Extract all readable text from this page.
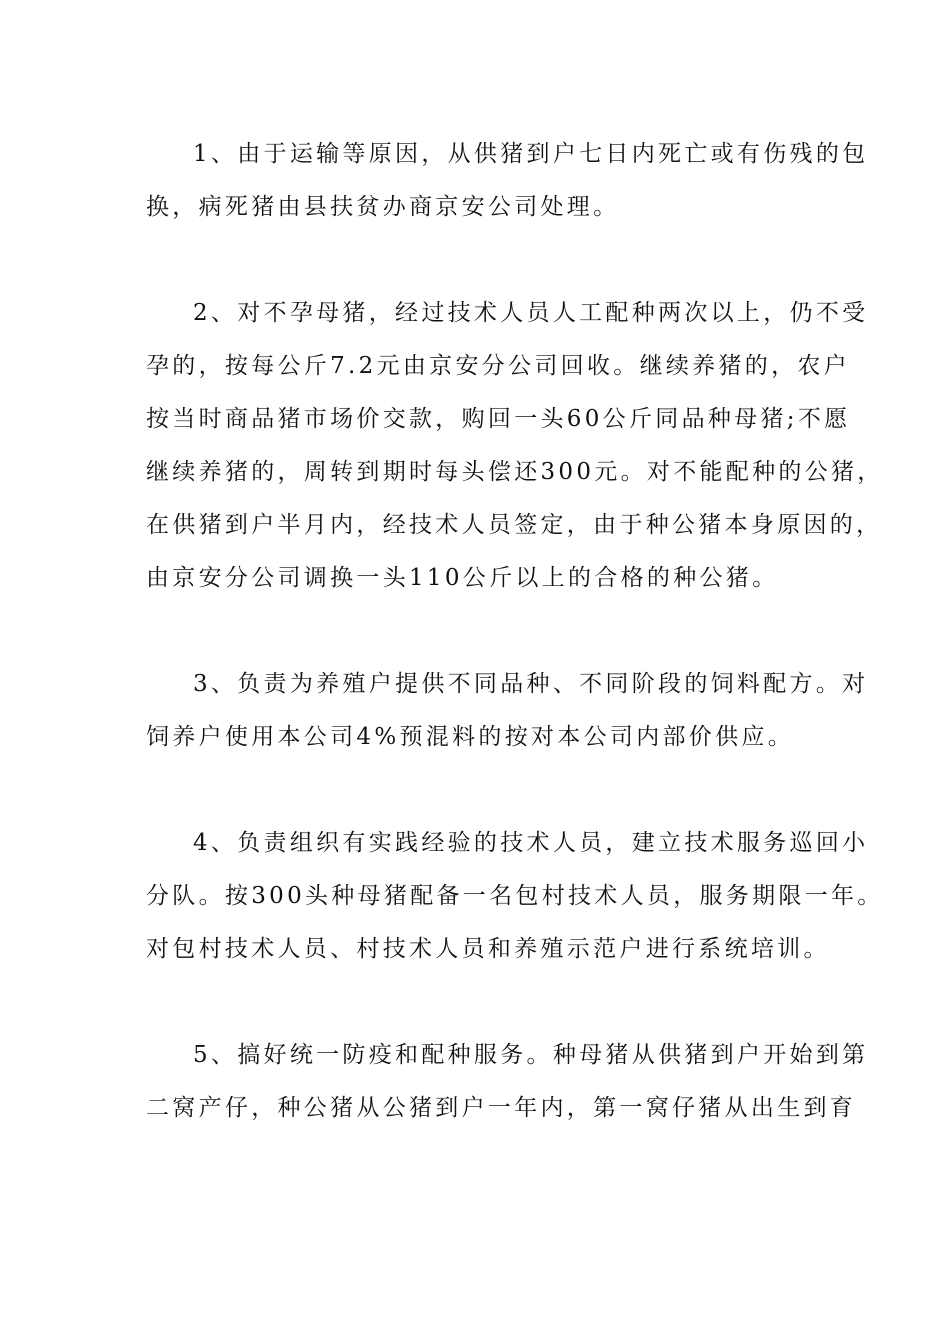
1、由于运输等原因，从供猪到户七日内死亡或有伤残的包
换，病死猪由县扶贫办商京安公司处理。
2、对不孕母猪，经过技术人员人工配种两次以上，仍不受
孕的，按每公斤7.2元由京安分公司回收。继续养猪的，农户
按当时商品猪市场价交款，购回一头60公斤同品种母猪;不愿
继续养猪的，周转到期时每头偿还300元。对不能配种的公猪，
在供猪到户半月内，经技术人员签定，由于种公猪本身原因的，
由京安分公司调换一头110公斤以上的合格的种公猪。
3、负责为养殖户提供不同品种、不同阶段的饲料配方。对
饲养户使用本公司4%预混料的按对本公司内部价供应。
4、负责组织有实践经验的技术人员，建立技术服务巡回小
分队。按300头种母猪配备一名包村技术人员，服务期限一年。
对包村技术人员、村技术人员和养殖示范户进行系统培训。
5、搞好统一防疫和配种服务。种母猪从供猪到户开始到第
二窝产仔，种公猪从公猪到户一年内，第一窝仔猪从出生到育
